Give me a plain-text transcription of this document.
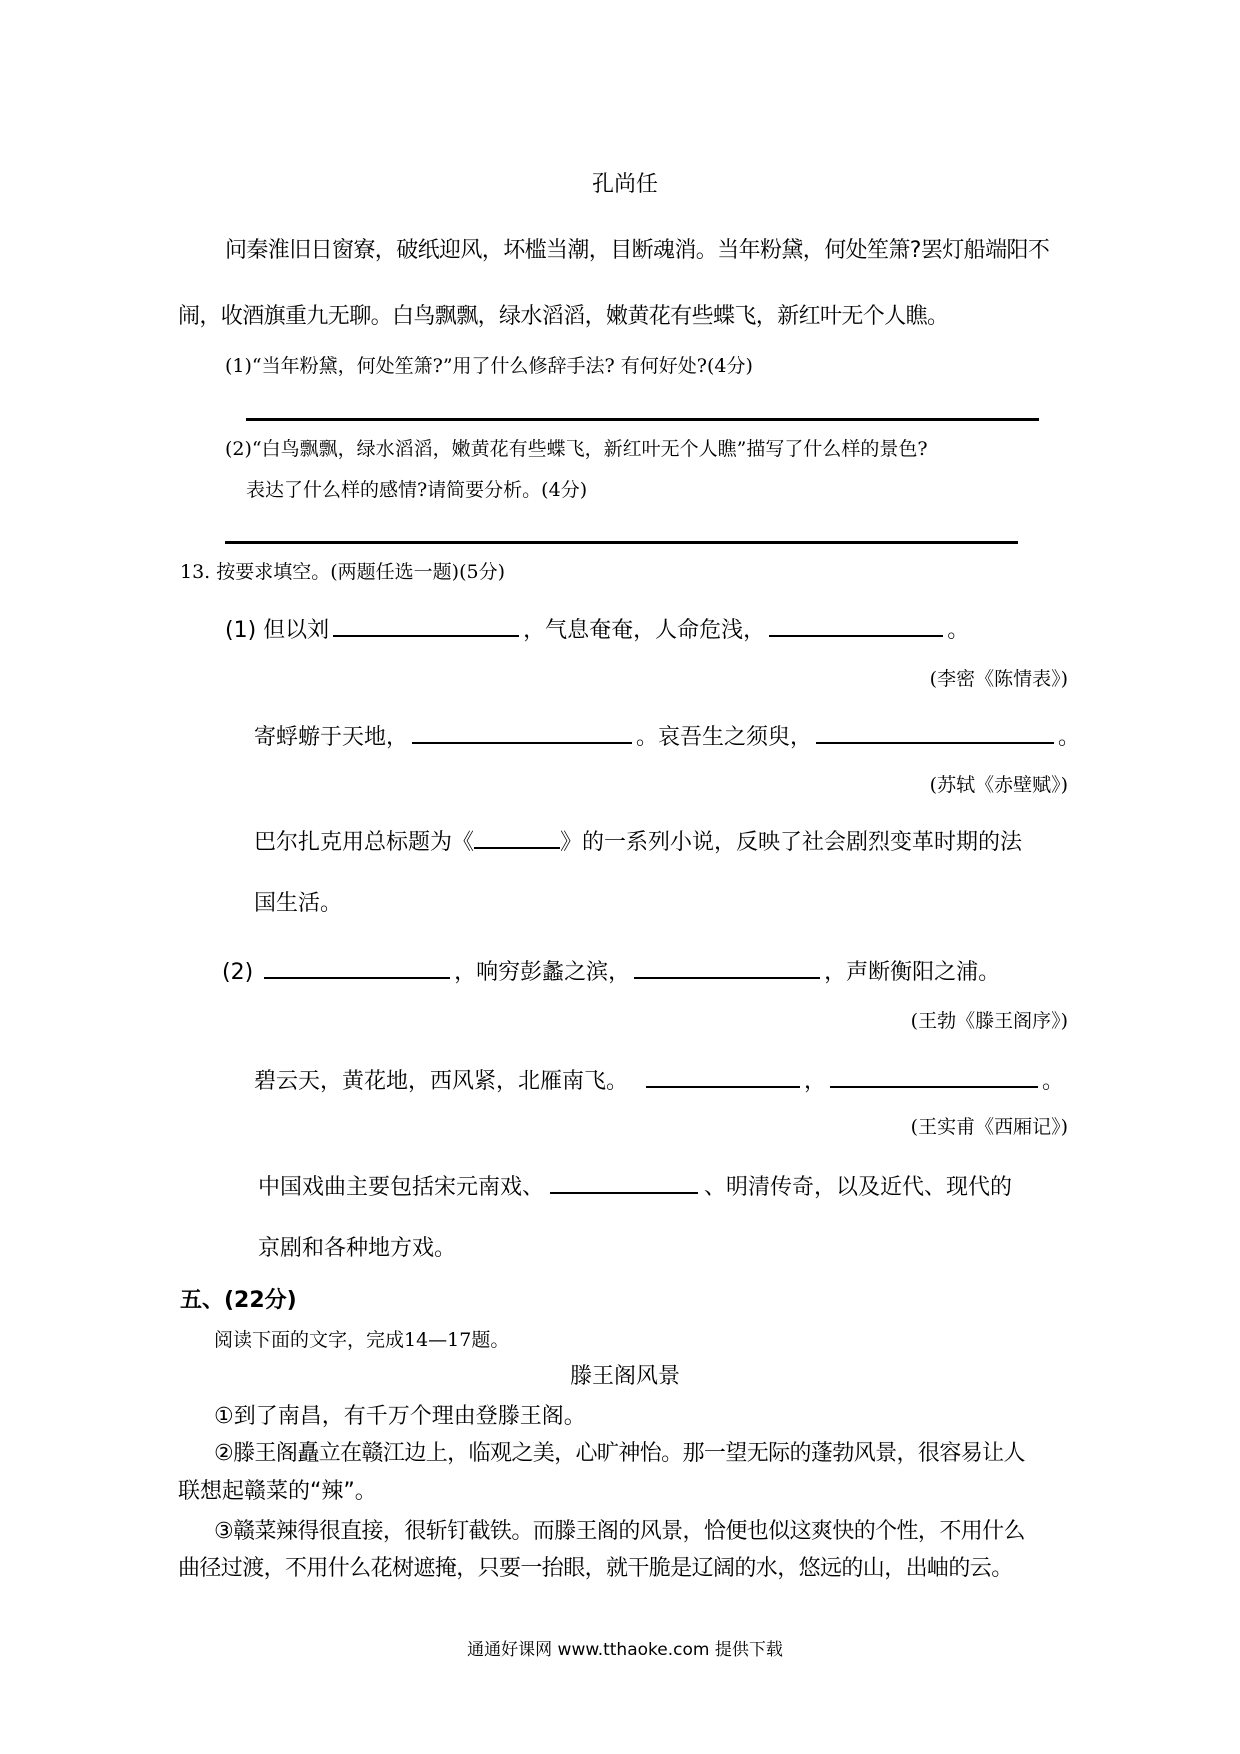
孔尚任
问秦淮旧日窗寮，破纸迎风，坏槛当潮，目断魂消。当年粉黛，何处笙箫?罢灯船端阳不
闹，收酒旗重九无聊。白鸟飘飘，绿水滔滔，嫩黄花有些蝶飞，新红叶无个人瞧。
(1)“当年粉黛，何处笙箫?”用了什么修辞手法? 有何好处?(4分)
(2)“白鸟飘飘，绿水滔滔，嫩黄花有些蝶飞，新红叶无个人瞧”描写了什么样的景色?
表达了什么样的感情?请简要分析。(4分)
13. 按要求填空。(两题任选一题)(5分)
(1) 但以刘	，气息奄奄，人命危浅，	。
(李密《陈情表》)
寄蜉蝣于天地，	。哀吾生之须臾，	。
(苏轼《赤壁赋》)
巴尔扎克用总标题为《	》的一系列小说，反映了社会剧烈变革时期的法
国生活。
(2)	，响穷彭蠡之滨，	，声断衡阳之浦。
(王勃《滕王阁序》)
碧云天，黄花地，西风紧，北雁南飞。	，	。
(王实甫《西厢记》)
中国戏曲主要包括宋元南戏、	、明清传奇，以及近代、现代的
京剧和各种地方戏。
五、(22分)
阅读下面的文字，完成14—17题。
滕王阁风景
①到了南昌，有千万个理由登滕王阁。
②滕王阁矗立在赣江边上，临观之美，心旷神怡。那一望无际的蓬勃风景，很容易让人
联想起赣菜的“辣”。
③赣菜辣得很直接，很斩钉截铁。而滕王阁的风景，恰便也似这爽快的个性，不用什么
曲径过渡，不用什么花树遮掩，只要一抬眼，就干脆是辽阔的水，悠远的山，出岫的云。
通通好课网 www.tthaoke.com 提供下载
